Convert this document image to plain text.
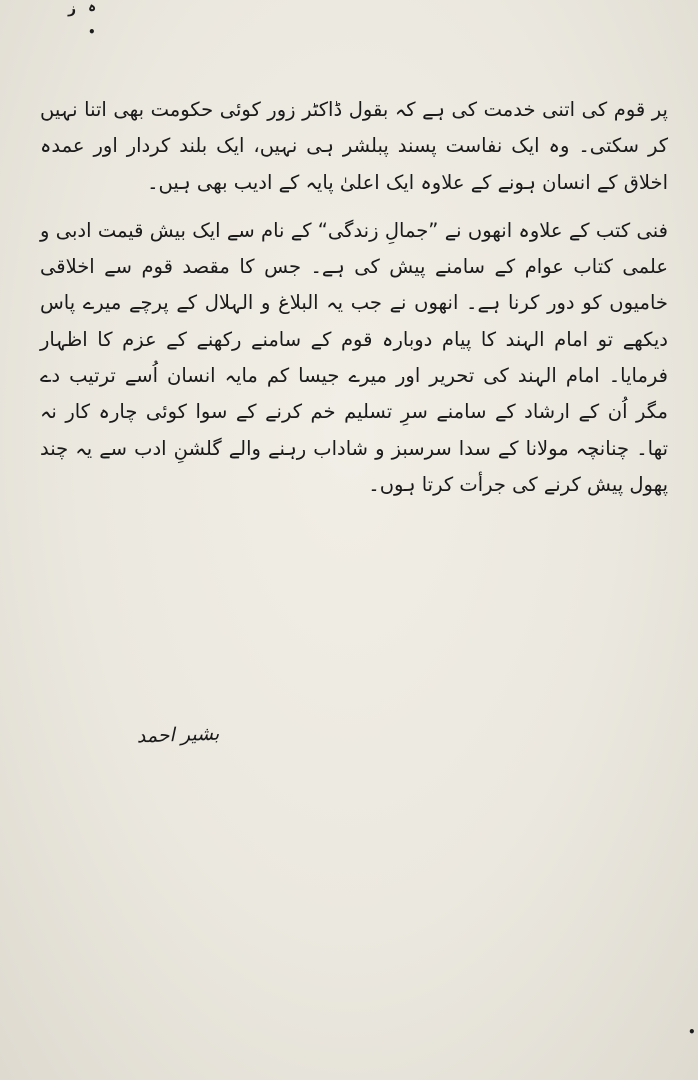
ز ہ
•

پر قوم کی اتنی خدمت کی ہے کہ بقول ڈاکٹر زور کوئی حکومت بھی اتنا نہیں کر سکتی۔ وہ ایک نفاست پسند پبلشر ہی نہیں، ایک بلند کردار اور عمدہ اخلاق کے انسان ہونے کے علاوہ ایک اعلیٰ پایہ کے ادیب بھی ہیں۔

فنی کتب کے علاوہ انھوں نے ”جمالِ زندگی“ کے نام سے ایک بیش قیمت ادبی و علمی کتاب عوام کے سامنے پیش کی ہے۔ جس کا مقصد قوم سے اخلاقی خامیوں کو دور کرنا ہے۔ انھوں نے جب یہ البلاغ و الہلال کے پرچے میرے پاس دیکھے تو امام الہند کا پیام دوبارہ قوم کے سامنے رکھنے کے عزم کا اظہار فرمایا۔ امام الہند کی تحریر اور میرے جیسا کم مایہ انسان اُسے ترتیب دے مگر اُن کے ارشاد کے سامنے سرِ تسلیم خم کرنے کے سوا کوئی چارہ کار نہ تھا۔ چنانچہ مولانا کے سدا سرسبز و شاداب رہنے والے گلشنِ ادب سے یہ چند پھول پیش کرنے کی جرأت کرتا ہوں۔

بشیر احمد
•
